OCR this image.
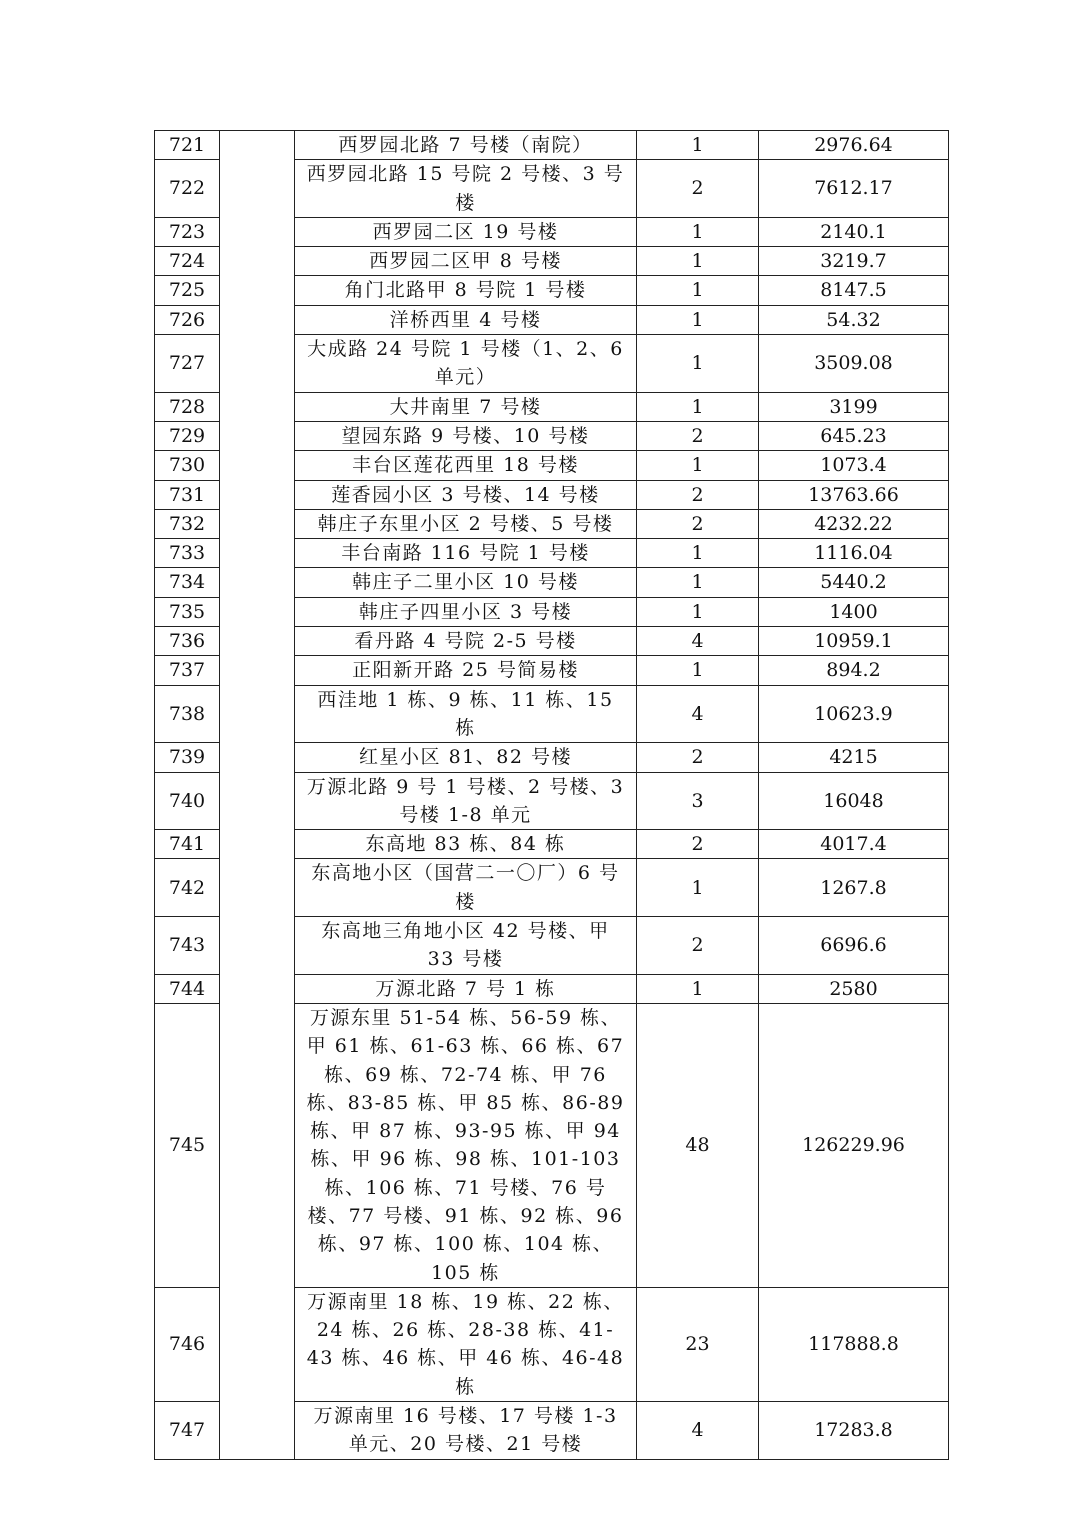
721		西罗园北路 7 号楼（南院）	1	2976.64
722		西罗园北路 15 号院 2 号楼、3 号楼	2	7612.17
723		西罗园二区 19 号楼	1	2140.1
724		西罗园二区甲 8 号楼	1	3219.7
725		角门北路甲 8 号院 1 号楼	1	8147.5
726		洋桥西里 4 号楼	1	54.32
727		大成路 24 号院 1 号楼（1、2、6 单元）	1	3509.08
728		大井南里 7 号楼	1	3199
729		望园东路 9 号楼、10 号楼	2	645.23
730		丰台区莲花西里 18 号楼	1	1073.4
731		莲香园小区 3 号楼、14 号楼	2	13763.66
732		韩庄子东里小区 2 号楼、5 号楼	2	4232.22
733		丰台南路 116 号院 1 号楼	1	1116.04
734		韩庄子二里小区 10 号楼	1	5440.2
735		韩庄子四里小区 3 号楼	1	1400
736		看丹路 4 号院 2-5 号楼	4	10959.1
737		正阳新开路 25 号简易楼	1	894.2
738		西洼地 1 栋、9 栋、11 栋、15 栋	4	10623.9
739		红星小区 81、82 号楼	2	4215
740		万源北路 9 号 1 号楼、2 号楼、3 号楼 1-8 单元	3	16048
741		东高地 83 栋、84 栋	2	4017.4
742		东高地小区（国营二一〇厂）6 号楼	1	1267.8
743		东高地三角地小区 42 号楼、甲 33 号楼	2	6696.6
744		万源北路 7 号 1 栋	1	2580
745		万源东里 51-54 栋、56-59 栋、甲 61 栋、61-63 栋、66 栋、67 栋、69 栋、72-74 栋、甲 76 栋、83-85 栋、甲 85 栋、86-89 栋、甲 87 栋、93-95 栋、甲 94 栋、甲 96 栋、98 栋、101-103 栋、106 栋、71 号楼、76 号楼、77 号楼、91 栋、92 栋、96 栋、97 栋、100 栋、104 栋、105 栋	48	126229.96
746		万源南里 18 栋、19 栋、22 栋、24 栋、26 栋、28-38 栋、41-43 栋、46 栋、甲 46 栋、46-48 栋	23	117888.8
747		万源南里 16 号楼、17 号楼 1-3 单元、20 号楼、21 号楼	4	17283.8
